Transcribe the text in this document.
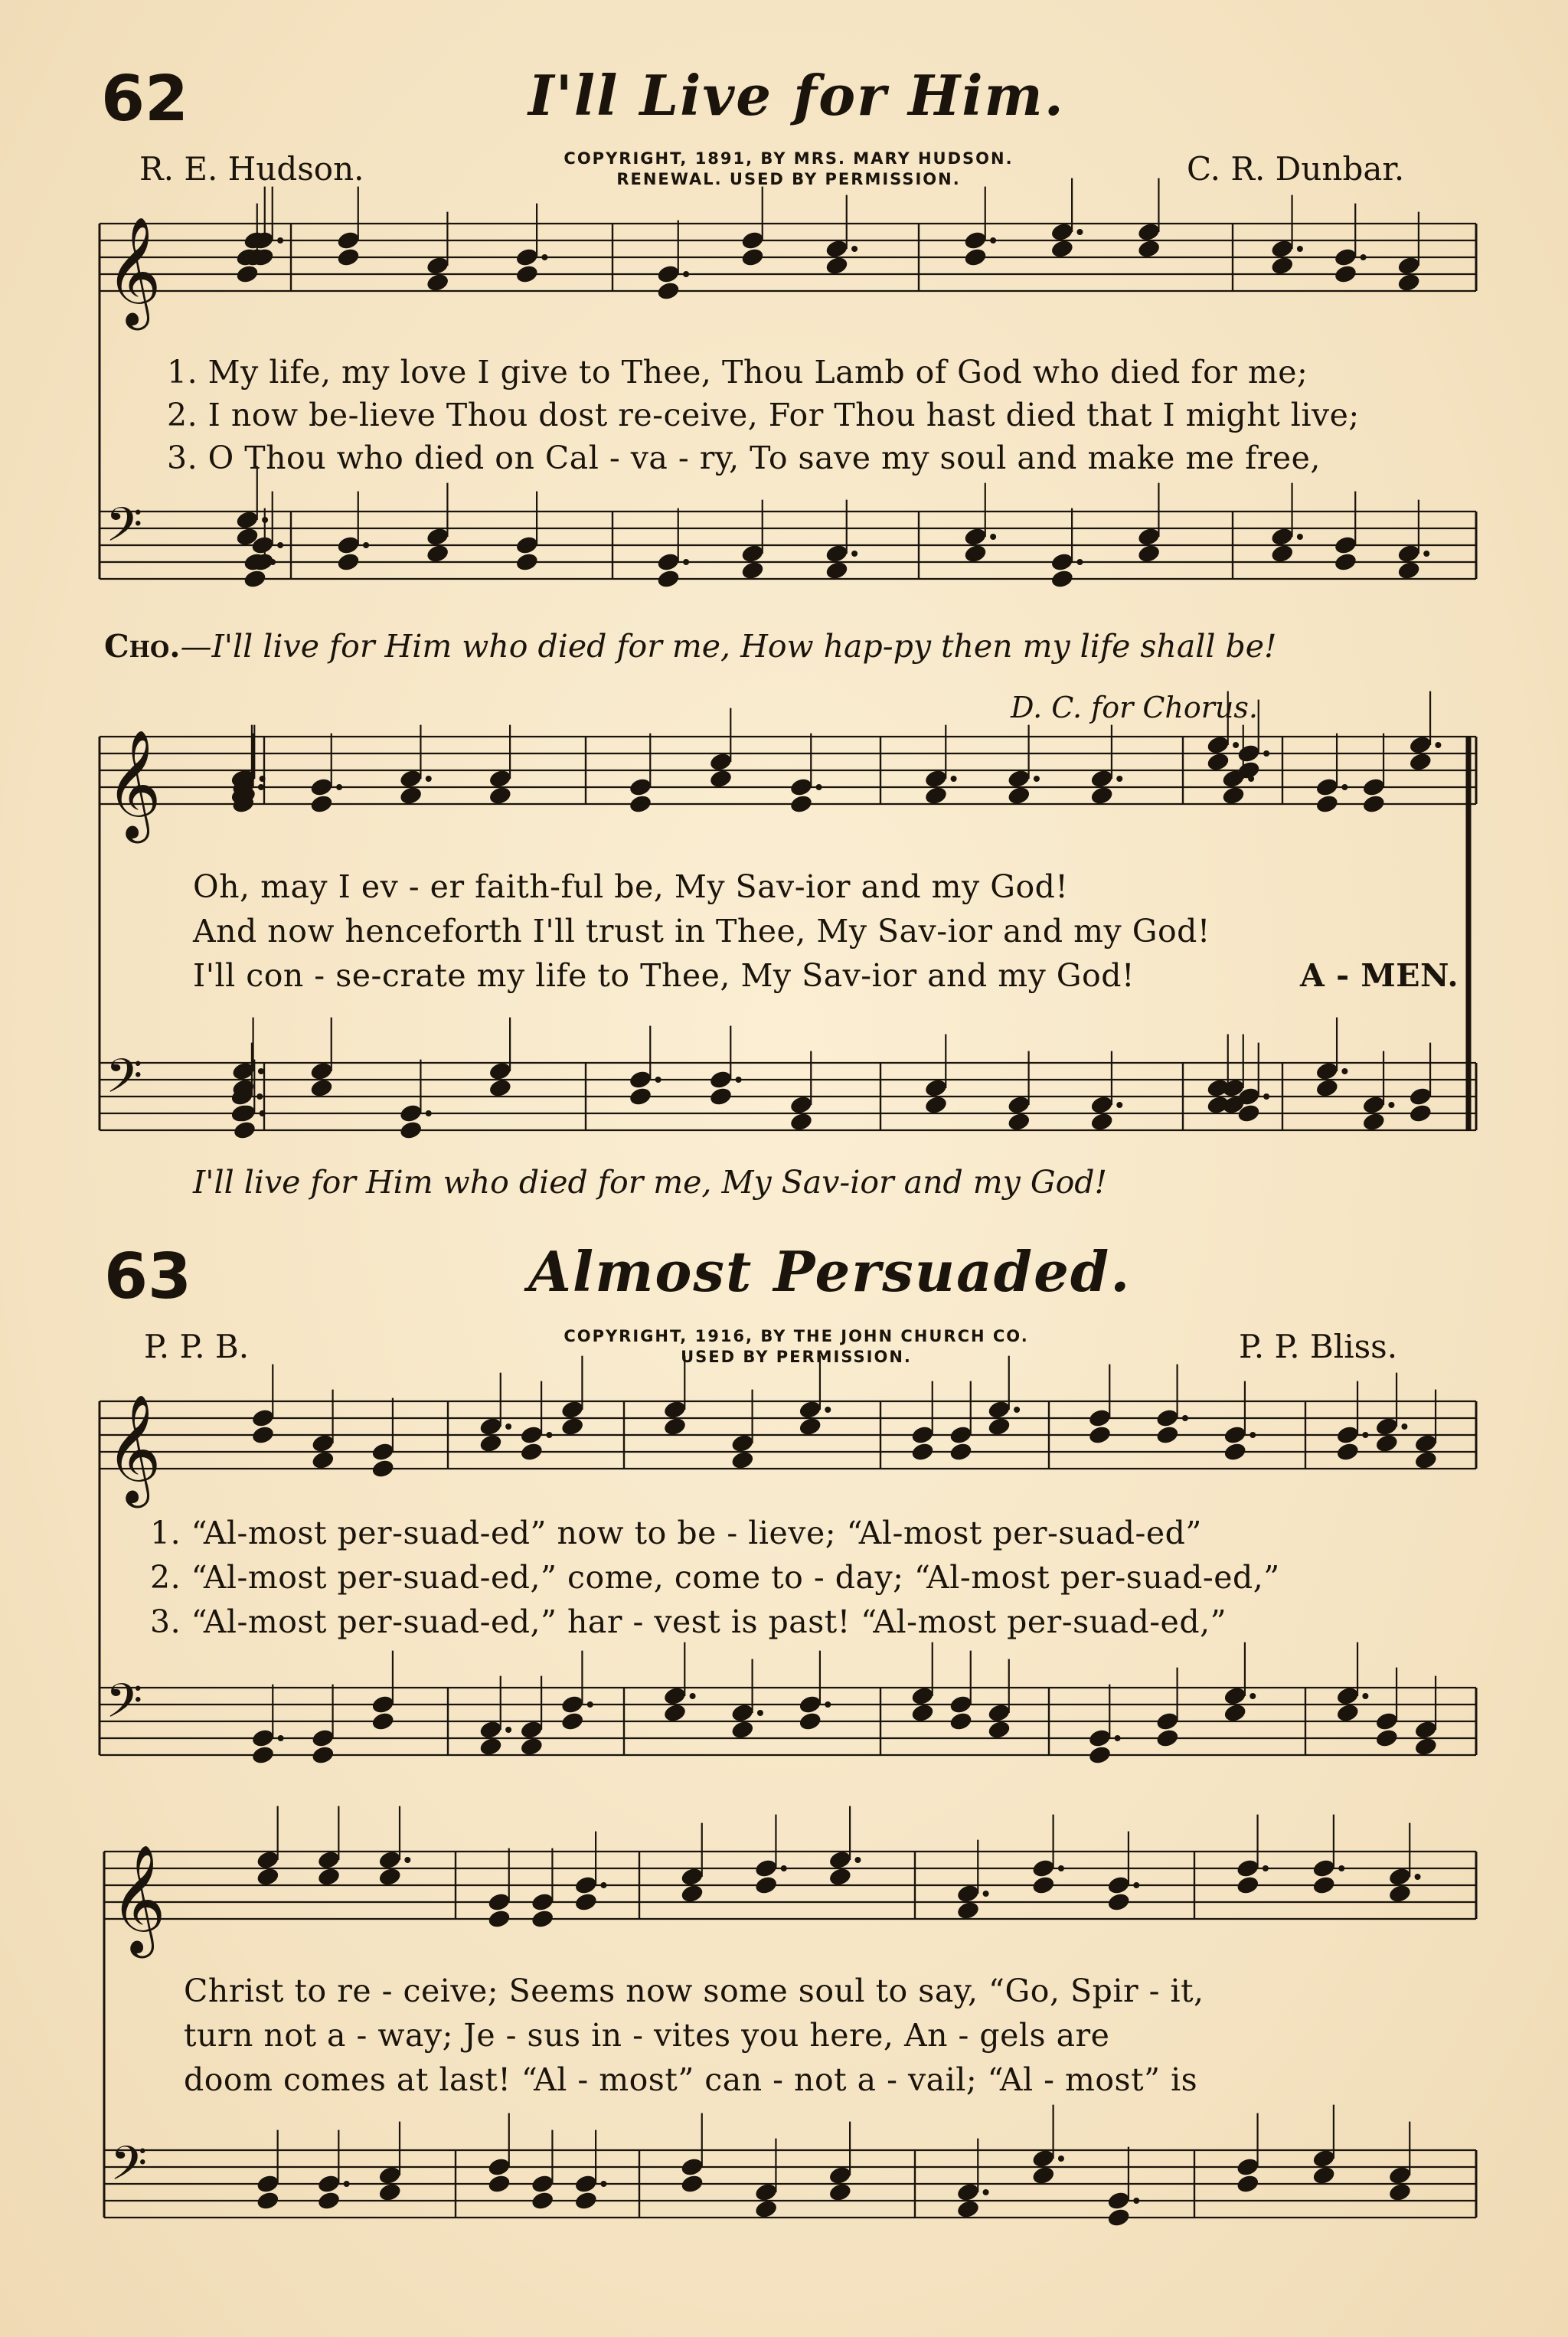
𝄞
𝄢
𝄞
𝄢
𝄞
𝄢
𝄞
𝄢
62	I'll Live for Him.
R. E. Hudson.	COPYRIGHT, 1891, BY MRS. MARY HUDSON.
RENEWAL. USED BY PERMISSION.	C. R. Dunbar.
1. My life, my love I give to Thee, Thou Lamb of God who died for me;
2. I now be-lieve Thou dost re-ceive, For Thou hast died that I might live;
3. O Thou who died on Cal - va - ry, To save my soul and make me free,
Cho.—I'll live for Him who died for me, How hap-py then my life shall be!
D. C. for Chorus.
Oh, may I ev - er faith-ful be, My Sav-ior and my God!
And now henceforth I'll trust in Thee, My Sav-ior and my God!
I'll con - se-crate my life to Thee, My Sav-ior and my God!	A - MEN.
I'll live for Him who died for me, My Sav-ior and my God!
63	Almost Persuaded.
P. P. B.	COPYRIGHT, 1916, BY THE JOHN CHURCH CO.
USED BY PERMISSION.	P. P. Bliss.
1. “Al-most per-suad-ed” now to be - lieve; “Al-most per-suad-ed”
2. “Al-most per-suad-ed,” come, come to - day; “Al-most per-suad-ed,”
3. “Al-most per-suad-ed,” har - vest is past! “Al-most per-suad-ed,”
Christ to re - ceive; Seems now some soul to say, “Go, Spir - it,
turn not a - way; Je - sus in - vites you here, An - gels are
doom comes at last! “Al - most” can - not a - vail; “Al - most” is
